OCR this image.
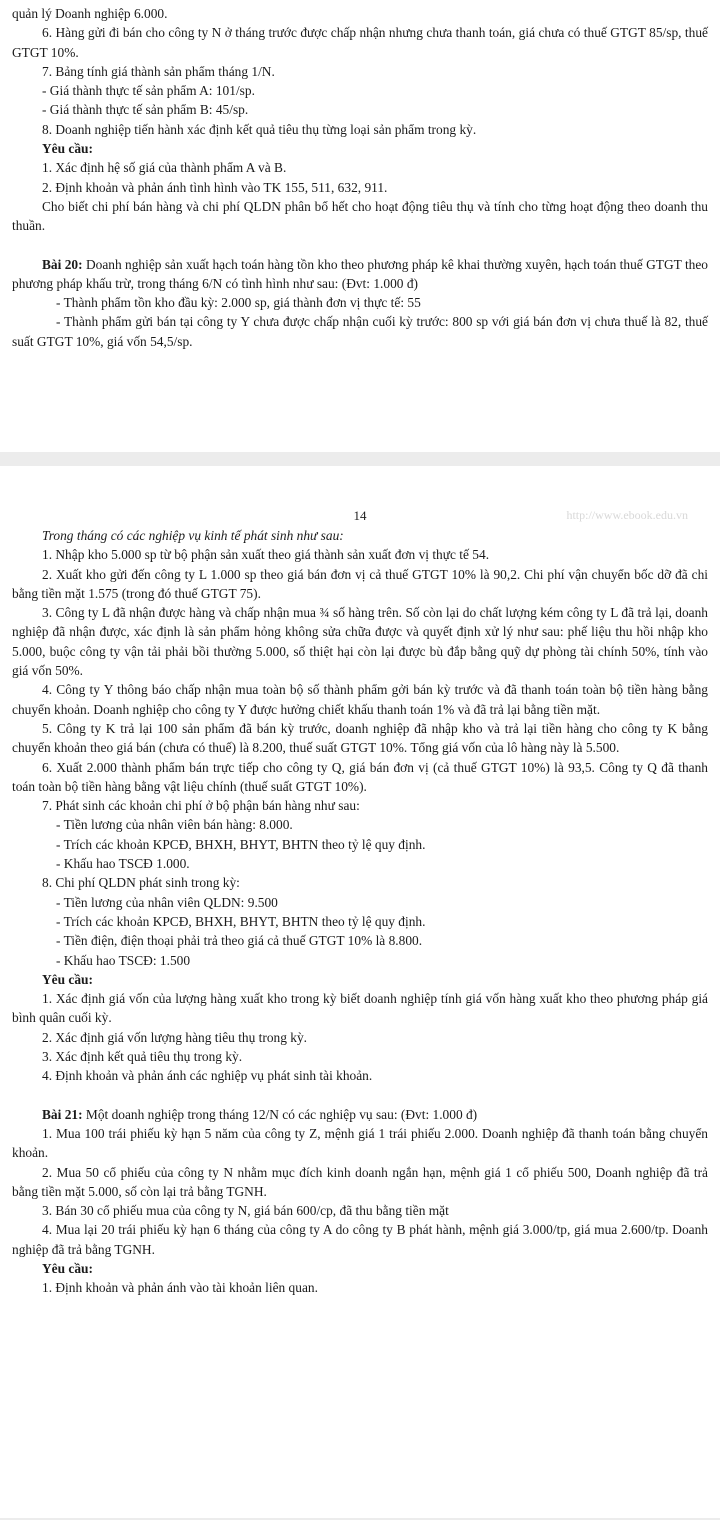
quản lý Doanh nghiệp 6.000.

6. Hàng gửi đi bán cho công ty N ở tháng trước được chấp nhận nhưng chưa thanh toán, giá chưa có thuế GTGT 85/sp, thuế GTGT 10%.

7. Bảng tính giá thành sản phẩm tháng 1/N.

- Giá thành thực tế sản phẩm A: 101/sp.

- Giá thành thực tế sản phẩm B: 45/sp.

8. Doanh nghiệp tiến hành xác định kết quả tiêu thụ từng loại sản phẩm trong kỳ.

Yêu cầu:

1. Xác định hệ số giá của thành phẩm A và B.

2. Định khoản và phản ánh tình hình vào TK 155, 511, 632, 911.

Cho biết chi phí bán hàng và chi phí QLDN phân bổ hết cho hoạt động tiêu thụ và tính cho từng hoạt động theo doanh thu thuần.

Bài 20: Doanh nghiệp sản xuất hạch toán hàng tồn kho theo phương pháp kê khai thường xuyên, hạch toán thuế GTGT theo phương pháp khấu trừ, trong tháng 6/N có tình hình như sau: (Đvt: 1.000 đ)

- Thành phẩm tồn kho đầu kỳ: 2.000 sp, giá thành đơn vị thực tế: 55

- Thành phẩm gửi bán tại công ty Y chưa được chấp nhận cuối kỳ trước: 800 sp với giá bán đơn vị chưa thuế là 82, thuế suất GTGT 10%, giá vốn 54,5/sp.

14	http://www.ebook.edu.vn

Trong tháng có các nghiệp vụ kinh tế phát sinh như sau:

1. Nhập kho 5.000 sp từ bộ phận sản xuất theo giá thành sản xuất đơn vị thực tế 54.

2. Xuất kho gửi đến công ty L 1.000 sp theo giá bán đơn vị cả thuế GTGT 10% là 90,2. Chi phí vận chuyển bốc dỡ đã chi bằng tiền mặt 1.575 (trong đó thuế GTGT 75).

3. Công ty L đã nhận được hàng và chấp nhận mua ¾ số hàng trên. Số còn lại do chất lượng kém công ty L đã trả lại, doanh nghiệp đã nhận được, xác định là sản phẩm hỏng không sửa chữa được và quyết định xử lý như sau: phế liệu thu hồi nhập kho 5.000, buộc công ty vận tải phải bồi thường 5.000, số thiệt hại còn lại được bù đắp bằng quỹ dự phòng tài chính 50%, tính vào giá vốn 50%.

4. Công ty Y thông báo chấp nhận mua toàn bộ số thành phẩm gởi bán kỳ trước và đã thanh toán toàn bộ tiền hàng bằng chuyển khoản. Doanh nghiệp cho công ty Y được hưởng chiết khấu thanh toán 1% và đã trả lại bằng tiền mặt.

5. Công ty K trả lại 100 sản phẩm đã bán kỳ trước, doanh nghiệp đã nhập kho và trả lại tiền hàng cho công ty K bằng chuyển khoản theo giá bán (chưa có thuế) là 8.200, thuế suất GTGT 10%. Tổng giá vốn của lô hàng này là 5.500.

6. Xuất 2.000 thành phẩm bán trực tiếp cho công ty Q, giá bán đơn vị (cả thuế GTGT 10%) là 93,5. Công ty Q đã thanh toán toàn bộ tiền hàng bằng vật liệu chính (thuế suất GTGT 10%).

7. Phát sinh các khoản chi phí ở bộ phận bán hàng như sau:

- Tiền lương của nhân viên bán hàng: 8.000.

- Trích các khoản KPCĐ, BHXH, BHYT, BHTN theo tỷ lệ quy định.

- Khấu hao TSCĐ 1.000.

8. Chi phí QLDN phát sinh trong kỳ:

- Tiền lương của nhân viên QLDN: 9.500

- Trích các khoản KPCĐ, BHXH, BHYT, BHTN theo tỷ lệ quy định.

- Tiền điện, điện thoại phải trả theo giá cả thuế GTGT 10% là 8.800.

- Khấu hao TSCĐ: 1.500

Yêu cầu:

1. Xác định giá vốn của lượng hàng xuất kho trong kỳ biết doanh nghiệp tính giá vốn hàng xuất kho theo phương pháp giá bình quân cuối kỳ.

2. Xác định giá vốn lượng hàng tiêu thụ trong kỳ.

3. Xác định kết quả tiêu thụ trong kỳ.

4. Định khoản và phản ánh các nghiệp vụ phát sinh tài khoản.

Bài 21: Một doanh nghiệp trong tháng 12/N có các nghiệp vụ sau: (Đvt: 1.000 đ)

1. Mua 100 trái phiếu kỳ hạn 5 năm của công ty Z, mệnh giá 1 trái phiếu 2.000. Doanh nghiệp đã thanh toán bằng chuyển khoản.

2. Mua 50 cổ phiếu của công ty N nhằm mục đích kinh doanh ngắn hạn, mệnh giá 1 cổ phiếu 500, Doanh nghiệp đã trả bằng tiền mặt 5.000, số còn lại trả bằng TGNH.

3. Bán 30 cổ phiếu mua của công ty N, giá bán 600/cp, đã thu bằng tiền mặt

4. Mua lại 20 trái phiếu kỳ hạn 6 tháng của công ty A do công ty B phát hành, mệnh giá 3.000/tp, giá mua 2.600/tp. Doanh nghiệp đã trả bằng TGNH.

Yêu cầu:

1. Định khoản và phản ánh vào tài khoản liên quan.
